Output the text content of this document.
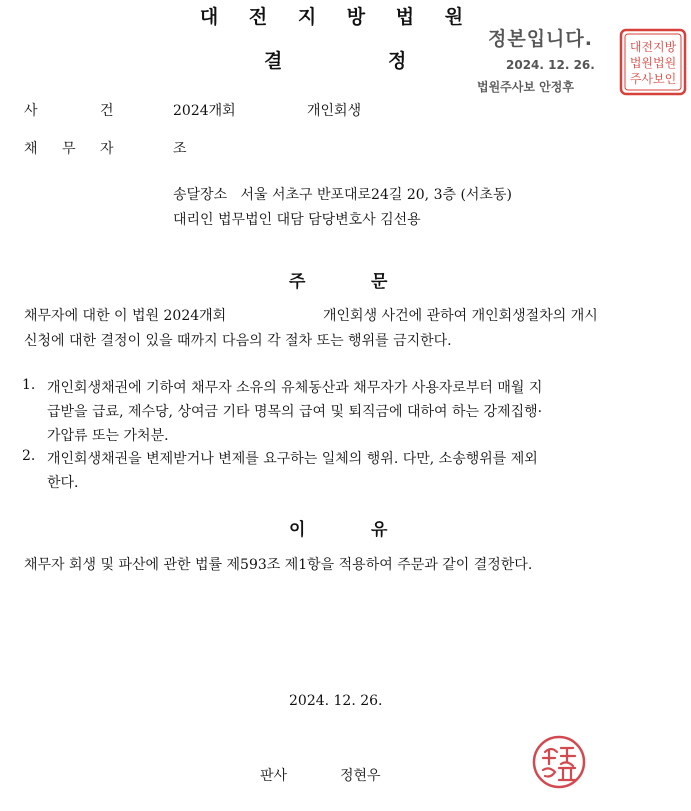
대 전 지 방 법 원
결	정
정본입니다.
2024. 12. 26.
법원주사보 안정후
대전지방
법원법원
주사보인
사	건	2024개회	개인회생
채 무 자	조
송달장소   서울 서초구 반포대로24길 20, 3층 (서초동)
대리인 법무법인 대담 담당변호사 김선용
주	문
채무자에 대한 이 법원 2024개회	개인회생 사건에 관하여 개인회생절차의 개시
신청에 대한 결정이 있을 때까지 다음의 각 절차 또는 행위를 금지한다.
1. 개인회생채권에 기하여 채무자 소유의 유체동산과 채무자가 사용자로부터 매월 지
급받을 급료, 제수당, 상여금 기타 명목의 급여 및 퇴직금에 대하여 하는 강제집행·
가압류 또는 가처분.
2. 개인회생채권을 변제받거나 변제를 요구하는 일체의 행위. 다만, 소송행위를 제외
한다.
이	유
채무자 회생 및 파산에 관한 법률 제593조 제1항을 적용하여 주문과 같이 결정한다.
2024. 12. 26.
판사	정현우
